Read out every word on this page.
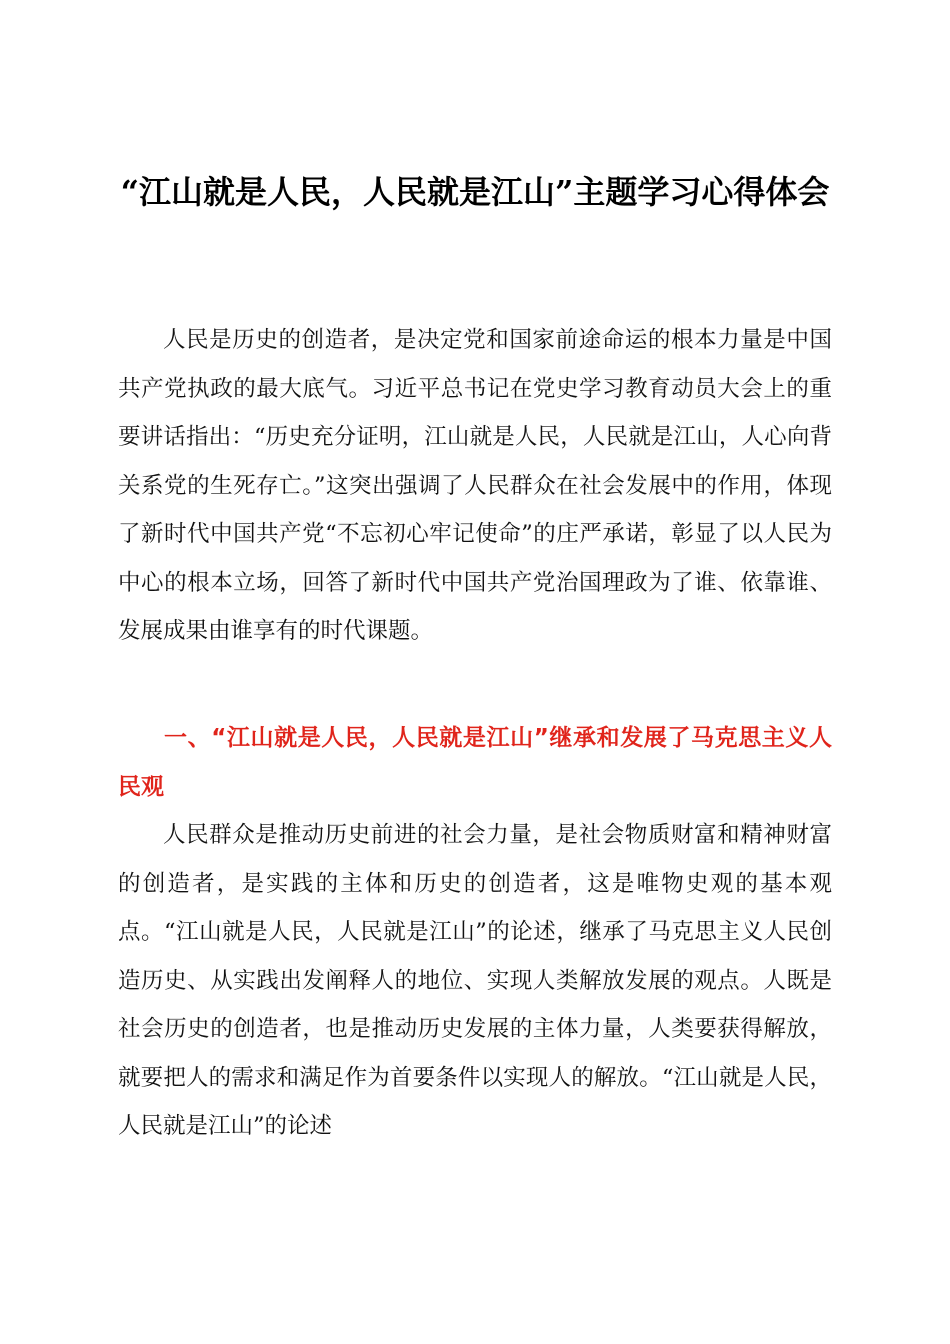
“江山就是人民，人民就是江山”主题学习心得体会

人民是历史的创造者，是决定党和国家前途命运的根本力量是中国共产党执政的最大底气。习近平总书记在党史学习教育动员大会上的重要讲话指出：“历史充分证明，江山就是人民，人民就是江山，人心向背关系党的生死存亡。”这突出强调了人民群众在社会发展中的作用，体现了新时代中国共产党“不忘初心牢记使命”的庄严承诺，彰显了以人民为中心的根本立场，回答了新时代中国共产党治国理政为了谁、依靠谁、发展成果由谁享有的时代课题。

一、“江山就是人民，人民就是江山”继承和发展了马克思主义人民观

人民群众是推动历史前进的社会力量，是社会物质财富和精神财富的创造者，是实践的主体和历史的创造者，这是唯物史观的基本观点。“江山就是人民，人民就是江山”的论述，继承了马克思主义人民创造历史、从实践出发阐释人的地位、实现人类解放发展的观点。人既是社会历史的创造者，也是推动历史发展的主体力量，人类要获得解放，就要把人的需求和满足作为首要条件以实现人的解放。“江山就是人民，人民就是江山”的论述
